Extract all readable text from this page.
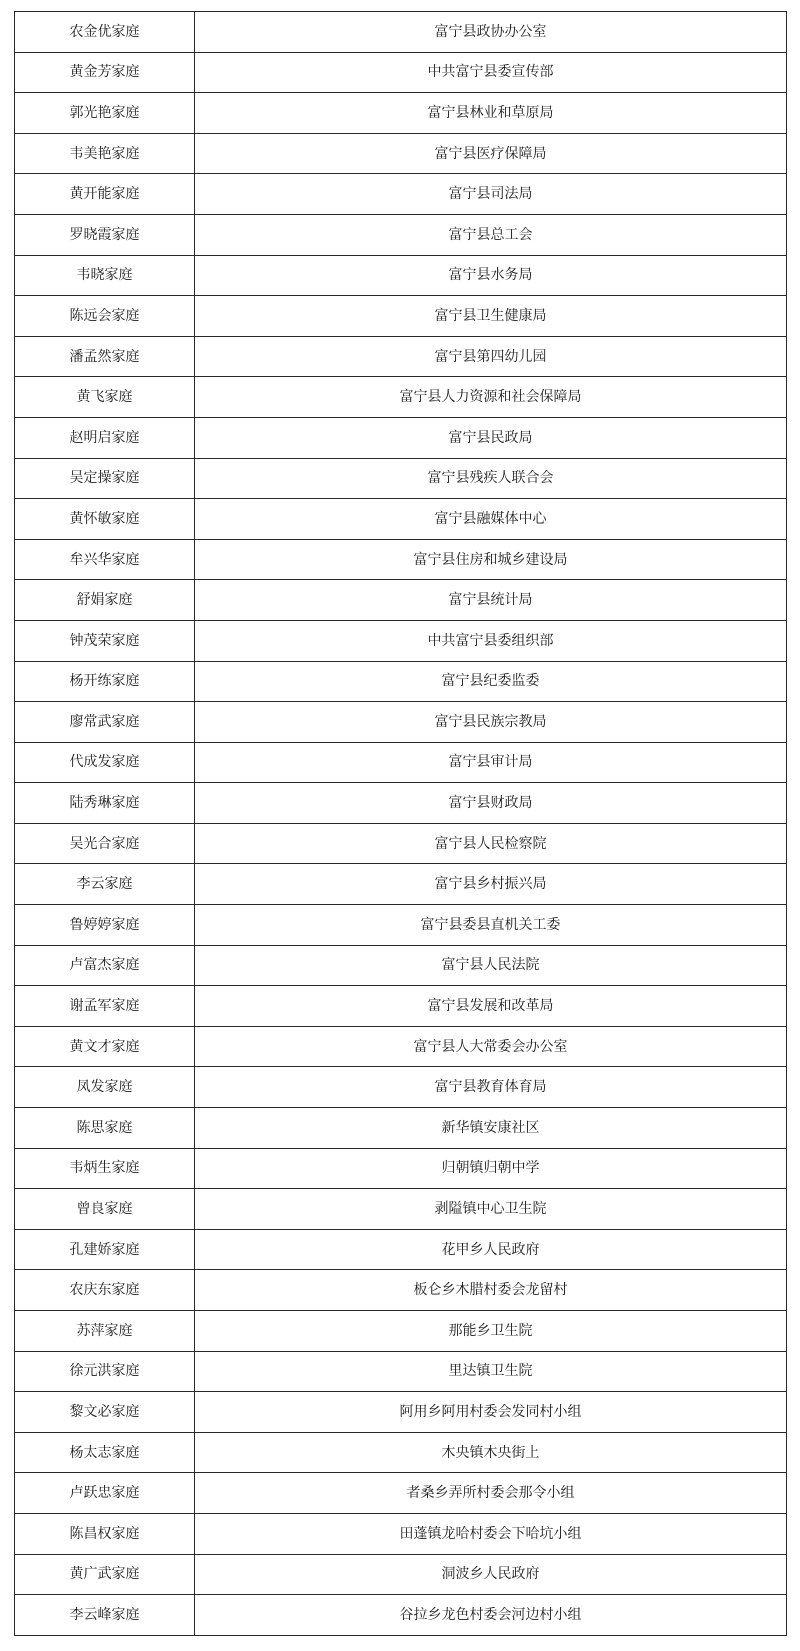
农金优家庭	富宁县政协办公室
黄金芳家庭	中共富宁县委宣传部
郭光艳家庭	富宁县林业和草原局
韦美艳家庭	富宁县医疗保障局
黄开能家庭	富宁县司法局
罗晓霞家庭	富宁县总工会
韦晓家庭	富宁县水务局
陈远会家庭	富宁县卫生健康局
潘孟然家庭	富宁县第四幼儿园
黄飞家庭	富宁县人力资源和社会保障局
赵明启家庭	富宁县民政局
吴定操家庭	富宁县残疾人联合会
黄怀敏家庭	富宁县融媒体中心
牟兴华家庭	富宁县住房和城乡建设局
舒娟家庭	富宁县统计局
钟茂荣家庭	中共富宁县委组织部
杨开练家庭	富宁县纪委监委
廖常武家庭	富宁县民族宗教局
代成发家庭	富宁县审计局
陆秀琳家庭	富宁县财政局
吴光合家庭	富宁县人民检察院
李云家庭	富宁县乡村振兴局
鲁婷婷家庭	富宁县委县直机关工委
卢富杰家庭	富宁县人民法院
谢孟军家庭	富宁县发展和改革局
黄文才家庭	富宁县人大常委会办公室
凤发家庭	富宁县教育体育局
陈思家庭	新华镇安康社区
韦炳生家庭	归朝镇归朝中学
曾良家庭	剥隘镇中心卫生院
孔建娇家庭	花甲乡人民政府
农庆东家庭	板仑乡木腊村委会龙留村
苏萍家庭	那能乡卫生院
徐元洪家庭	里达镇卫生院
黎文必家庭	阿用乡阿用村委会发同村小组
杨太志家庭	木央镇木央街上
卢跃忠家庭	者桑乡弄所村委会那令小组
陈昌权家庭	田蓬镇龙哈村委会下哈坑小组
黄广武家庭	洞波乡人民政府
李云峰家庭	谷拉乡龙色村委会河边村小组
